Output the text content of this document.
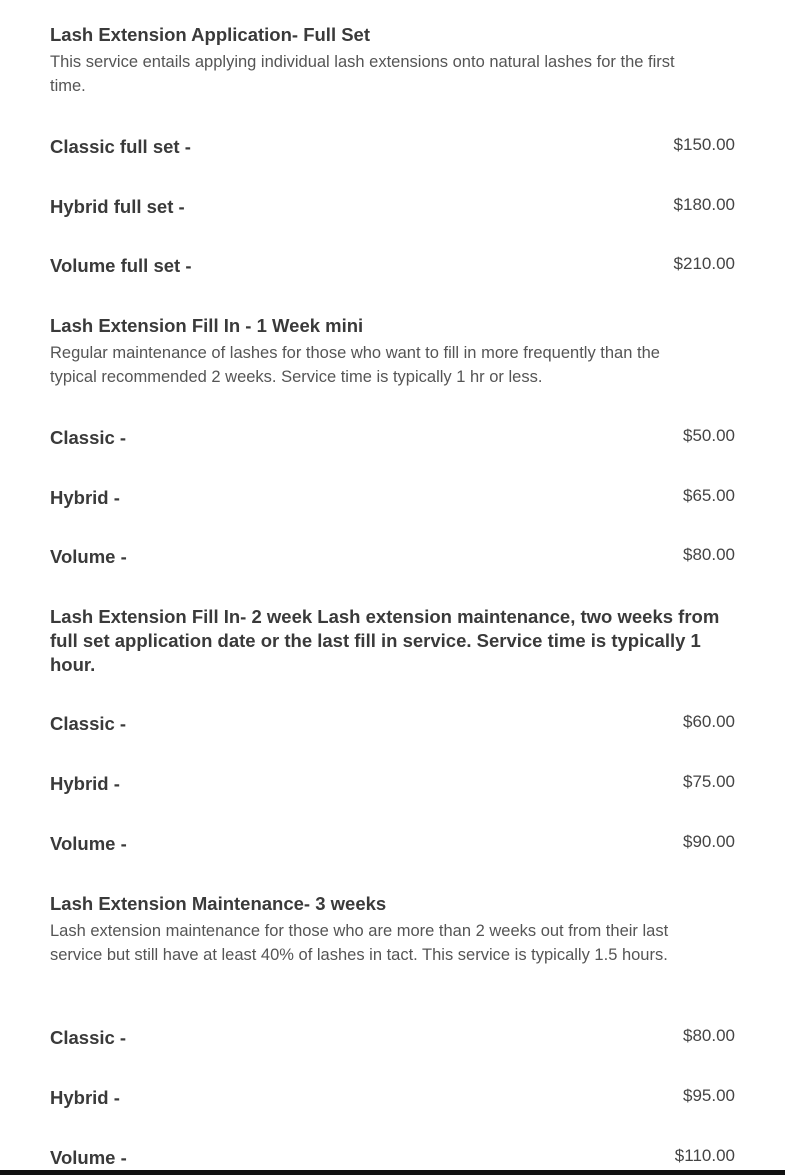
Lash Extension Application- Full Set

This service entails applying individual lash extensions onto natural lashes for the first time.

Classic full set -	$150.00
Hybrid full set -	$180.00
Volume full set -	$210.00
Lash Extension Fill In - 1 Week mini

Regular maintenance of lashes for those who want to fill in more frequently than the typical recommended 2 weeks. Service time is typically 1 hr or less.

Classic -	$50.00
Hybrid -	$65.00
Volume -	$80.00
Lash Extension Fill In- 2 week Lash extension maintenance, two weeks from full set application date or the last fill in service. Service time is typically 1 hour.
Classic -	$60.00
Hybrid -	$75.00
Volume -	$90.00
Lash Extension Maintenance- 3 weeks

Lash extension maintenance for those who are more than 2 weeks out from their last service but still have at least 40% of lashes in tact. This service is typically 1.5 hours.

Classic -	$80.00
Hybrid -	$95.00
Volume -	$110.00
